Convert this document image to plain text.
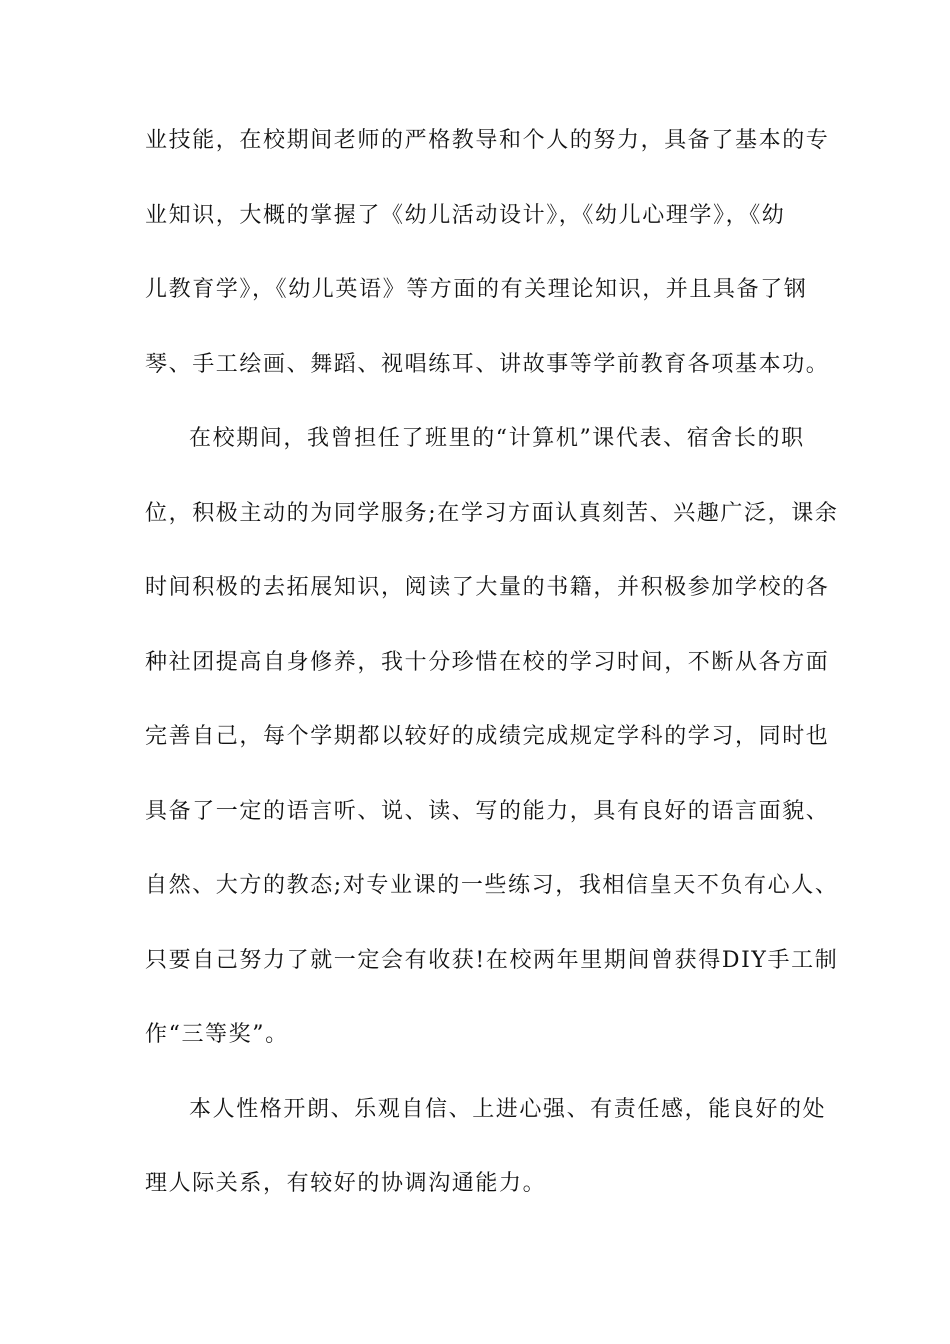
业技能，在校期间老师的严格教导和个人的努力，具备了基本的专
业知识，大概的掌握了《幼儿活动设计》，《幼儿心理学》，《幼
儿教育学》，《幼儿英语》等方面的有关理论知识，并且具备了钢
琴、手工绘画、舞蹈、视唱练耳、讲故事等学前教育各项基本功。
在校期间，我曾担任了班里的“计算机”课代表、宿舍长的职
位，积极主动的为同学服务;在学习方面认真刻苦、兴趣广泛，课余
时间积极的去拓展知识，阅读了大量的书籍，并积极参加学校的各
种社团提高自身修养，我十分珍惜在校的学习时间，不断从各方面
完善自己，每个学期都以较好的成绩完成规定学科的学习，同时也
具备了一定的语言听、说、读、写的能力，具有良好的语言面貌、
自然、大方的教态;对专业课的一些练习，我相信皇天不负有心人、
只要自己努力了就一定会有收获!在校两年里期间曾获得DIY手工制
作“三等奖”。
本人性格开朗、乐观自信、上进心强、有责任感，能良好的处
理人际关系，有较好的协调沟通能力。
